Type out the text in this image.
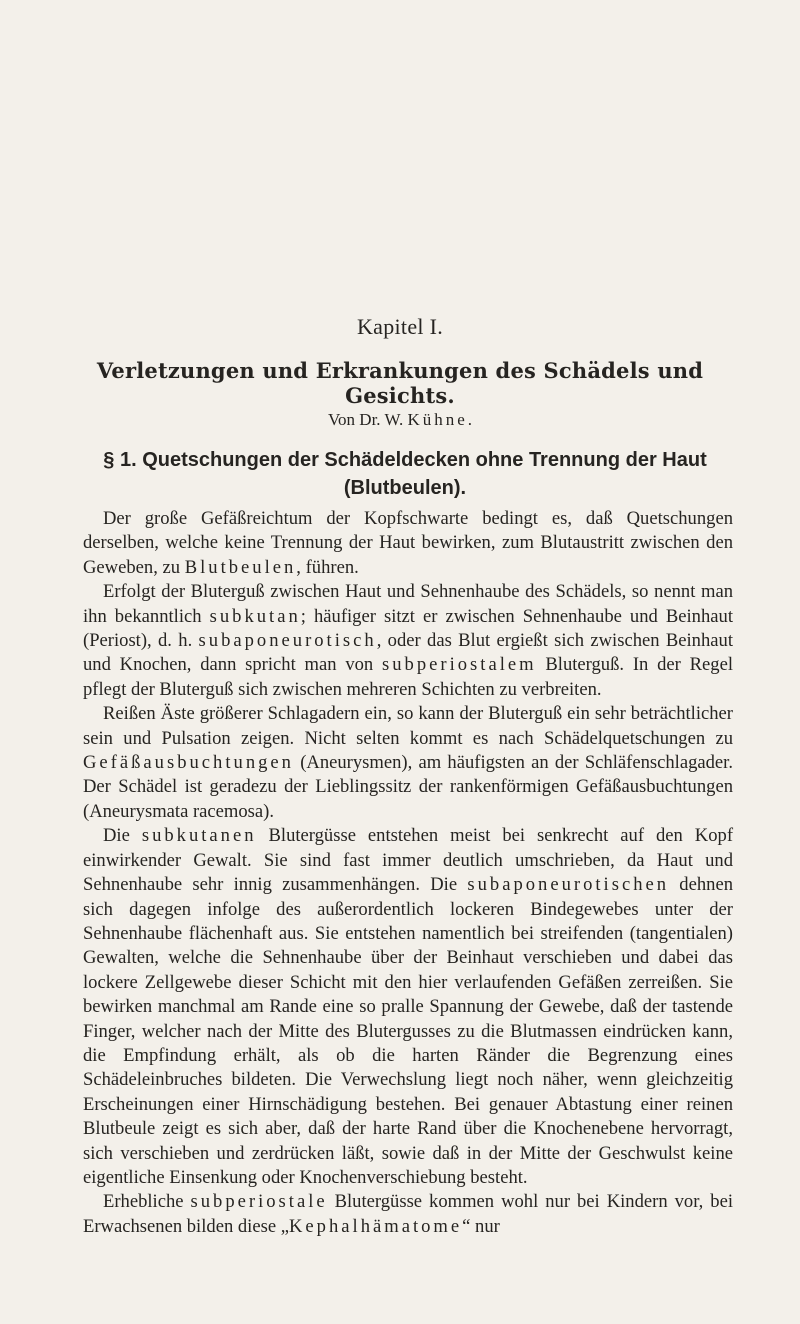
Kapitel I.
Verletzungen und Erkrankungen des Schädels und Gesichts.
Von Dr. W. Kühne.
§ 1. Quetschungen der Schädeldecken ohne Trennung der Haut (Blutbeulen).

Der große Gefäßreichtum der Kopfschwarte bedingt es, daß Quetschungen derselben, welche keine Trennung der Haut bewirken, zum Blutaustritt zwischen den Geweben, zu Blutbeulen, führen.

Erfolgt der Bluterguß zwischen Haut und Sehnenhaube des Schädels, so nennt man ihn bekanntlich subkutan; häufiger sitzt er zwischen Sehnenhaube und Beinhaut (Periost), d. h. subaponeurotisch, oder das Blut ergießt sich zwischen Beinhaut und Knochen, dann spricht man von subperiostalem Bluterguß. In der Regel pflegt der Bluterguß sich zwischen mehreren Schichten zu verbreiten.

Reißen Äste größerer Schlagadern ein, so kann der Bluterguß ein sehr beträchtlicher sein und Pulsation zeigen. Nicht selten kommt es nach Schädelquetschungen zu Gefäßausbuchtungen (Aneurysmen), am häufigsten an der Schläfenschlagader. Der Schädel ist geradezu der Lieblingssitz der rankenförmigen Gefäßausbuchtungen (Aneurysmata racemosa).

Die subkutanen Blutergüsse entstehen meist bei senkrecht auf den Kopf einwirkender Gewalt. Sie sind fast immer deutlich umschrieben, da Haut und Sehnenhaube sehr innig zusammenhängen. Die subaponeurotischen dehnen sich dagegen infolge des außerordentlich lockeren Bindegewebes unter der Sehnenhaube flächenhaft aus. Sie entstehen namentlich bei streifenden (tangentialen) Gewalten, welche die Sehnenhaube über der Beinhaut verschieben und dabei das lockere Zellgewebe dieser Schicht mit den hier verlaufenden Gefäßen zerreißen. Sie bewirken manchmal am Rande eine so pralle Spannung der Gewebe, daß der tastende Finger, welcher nach der Mitte des Blutergusses zu die Blutmassen eindrücken kann, die Empfindung erhält, als ob die harten Ränder die Begrenzung eines Schädeleinbruches bildeten. Die Verwechslung liegt noch näher, wenn gleichzeitig Erscheinungen einer Hirnschädigung bestehen. Bei genauer Abtastung einer reinen Blutbeule zeigt es sich aber, daß der harte Rand über die Knochenebene hervorragt, sich verschieben und zerdrücken läßt, sowie daß in der Mitte der Geschwulst keine eigentliche Einsenkung oder Knochenverschiebung besteht.

Erhebliche subperiostale Blutergüsse kommen wohl nur bei Kindern vor, bei Erwachsenen bilden diese „Kephalhämatome“ nur
